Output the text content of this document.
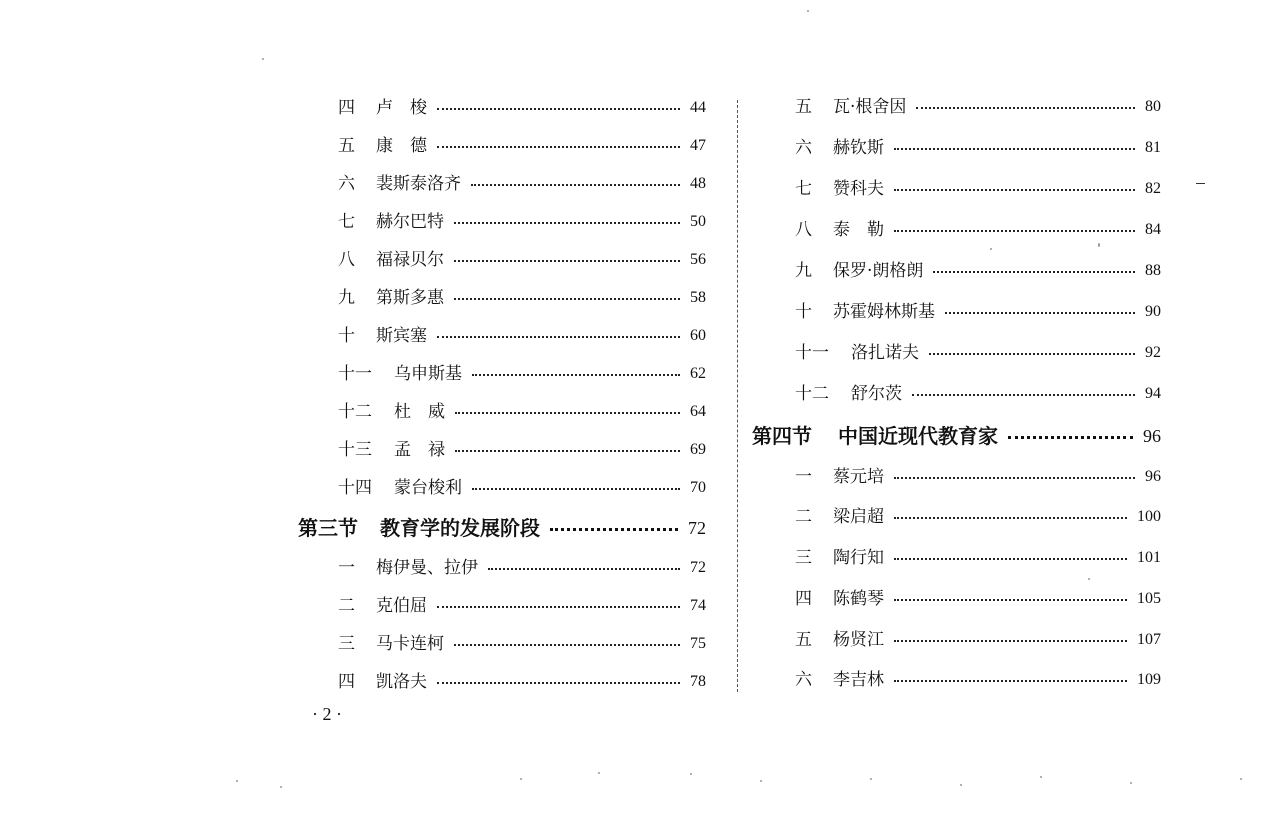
四	卢　梭	44
五	康　德	47
六	裴斯泰洛齐	48
七	赫尔巴特	50
八	福禄贝尔	56
九	第斯多惠	58
十	斯宾塞	60
十一	乌申斯基	62
十二	杜　威	64
十三	孟　禄	69
十四	蒙台梭利	70
第三节	教育学的发展阶段	72
一	梅伊曼、拉伊	72
二	克伯屈	74
三	马卡连柯	75
四	凯洛夫	78
五	瓦·根舍因	80
六	赫钦斯	81
七	赞科夫	82
八	泰　勒	84
九	保罗·朗格朗	88
十	苏霍姆林斯基	90
十一	洛扎诺夫	92
十二	舒尔茨	94
第四节	中国近现代教育家	96
一	蔡元培	96
二	梁启超	100
三	陶行知	101
四	陈鹤琴	105
五	杨贤江	107
六	李吉林	109
· 2 ·
